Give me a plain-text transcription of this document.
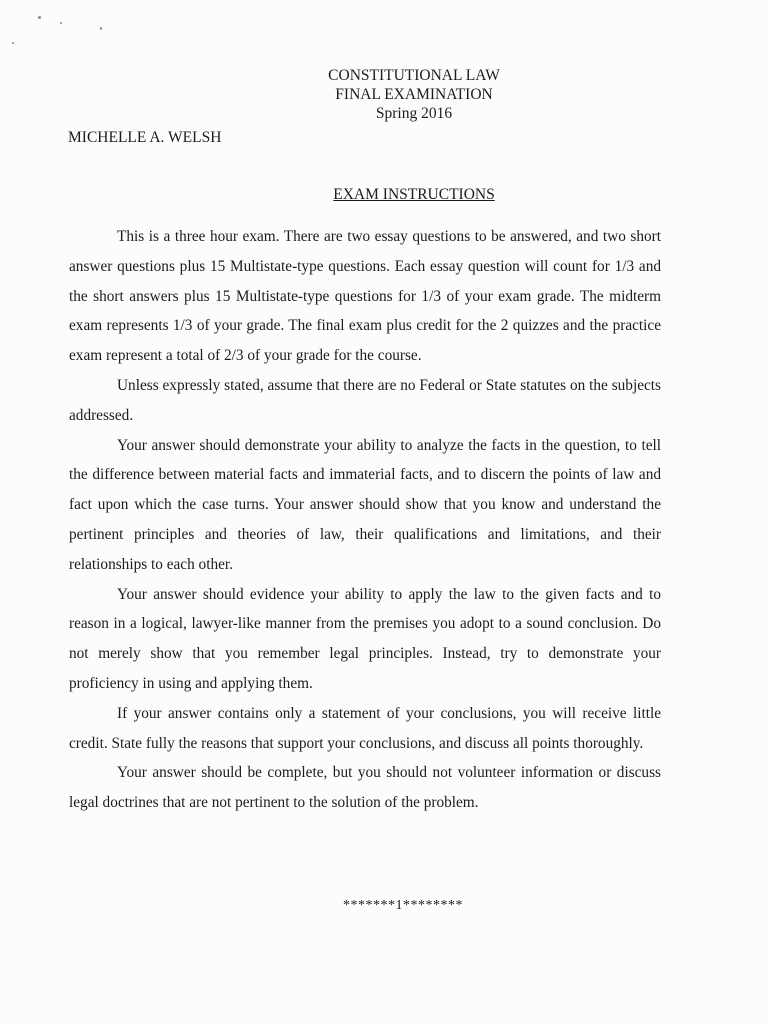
CONSTITUTIONAL LAW
FINAL EXAMINATION
Spring 2016
MICHELLE A. WELSH
EXAM INSTRUCTIONS

This is a three hour exam. There are two essay questions to be answered, and two short answer questions plus 15 Multistate-type questions. Each essay question will count for 1/3 and the short answers plus 15 Multistate-type questions for 1/3 of your exam grade. The midterm exam represents 1/3 of your grade. The final exam plus credit for the 2 quizzes and the practice exam represent a total of 2/3 of your grade for the course.

Unless expressly stated, assume that there are no Federal or State statutes on the subjects addressed.

Your answer should demonstrate your ability to analyze the facts in the question, to tell the difference between material facts and immaterial facts, and to discern the points of law and fact upon which the case turns. Your answer should show that you know and understand the pertinent principles and theories of law, their qualifications and limitations, and their relationships to each other.

Your answer should evidence your ability to apply the law to the given facts and to reason in a logical, lawyer-like manner from the premises you adopt to a sound conclusion. Do not merely show that you remember legal principles. Instead, try to demonstrate your proficiency in using and applying them.

If your answer contains only a statement of your conclusions, you will receive little credit. State fully the reasons that support your conclusions, and discuss all points thoroughly.

Your answer should be complete, but you should not volunteer information or discuss legal doctrines that are not pertinent to the solution of the problem.

*******1********
